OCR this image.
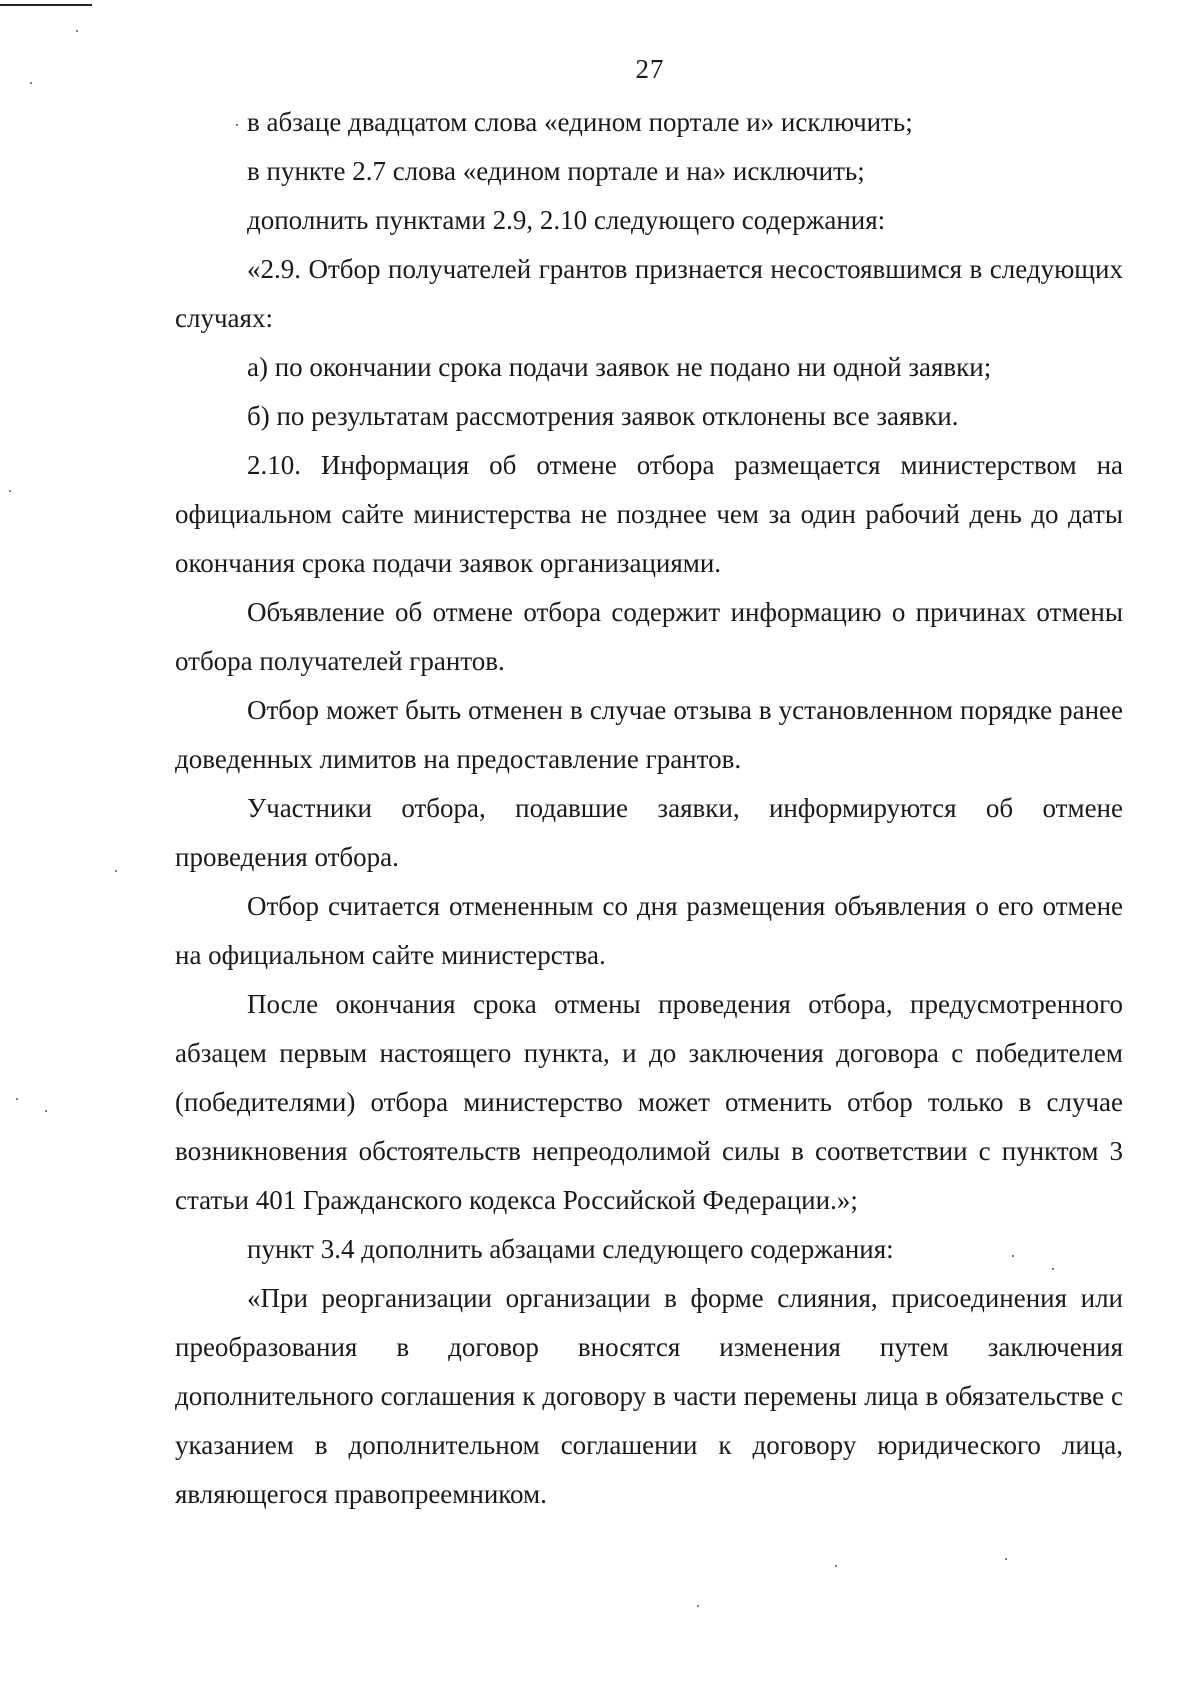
27

в абзаце двадцатом слова «едином портале и» исключить;

в пункте 2.7 слова «едином портале и на» исключить;

дополнить пунктами 2.9, 2.10 следующего содержания:

«2.9. Отбор получателей грантов признается несостоявшимся в следующих случаях:

а) по окончании срока подачи заявок не подано ни одной заявки;

б) по результатам рассмотрения заявок отклонены все заявки.

2.10. Информация об отмене отбора размещается министерством на официальном сайте министерства не позднее чем за один рабочий день до даты окончания срока подачи заявок организациями.

Объявление об отмене отбора содержит информацию о причинах отмены отбора получателей грантов.

Отбор может быть отменен в случае отзыва в установленном порядке ранее доведенных лимитов на предоставление грантов.

Участники отбора, подавшие заявки, информируются об отмене проведения отбора.

Отбор считается отмененным со дня размещения объявления о его отмене на официальном сайте министерства.

После окончания срока отмены проведения отбора, предусмотренного абзацем первым настоящего пункта, и до заключения договора с победителем (победителями) отбора министерство может отменить отбор только в случае возникновения обстоятельств непреодолимой силы в соответствии с пунктом 3 статьи 401 Гражданского кодекса Российской Федерации.»;

пункт 3.4 дополнить абзацами следующего содержания:

«При реорганизации организации в форме слияния, присоединения или преобразования в договор вносятся изменения путем заключения дополнительного соглашения к договору в части перемены лица в обязательстве с указанием в дополнительном соглашении к договору юридического лица, являющегося правопреемником.
